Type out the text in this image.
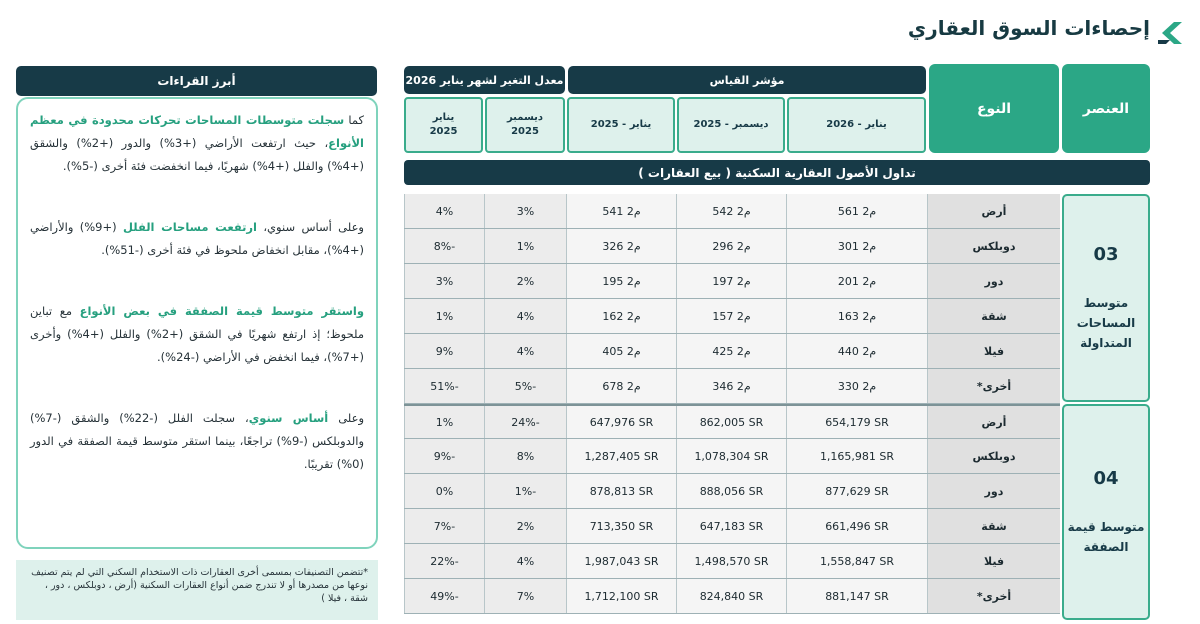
إحصاءات السوق العقاري
العنصر
النوع
مؤشر القياس
معدل التغير لشهر يناير 2026
يناير - 2026
ديسمبر - 2025
يناير - 2025
ديسمبر 2025
يناير 2025
تداول الأصول العقارية السكنية ( بيع العقارات )
03
متوسط المساحات المتداولة
04
متوسط قيمة الصفقة
4%	3%	541 م2	542 م2	561 م2	أرض
-8%	1%	326 م2	296 م2	301 م2	دوبلكس
3%	2%	195 م2	197 م2	201 م2	دور
1%	4%	162 م2	157 م2	163 م2	شقة
9%	4%	405 م2	425 م2	440 م2	فيلا
-51%	-5%	678 م2	346 م2	330 م2	أخرى*
1%	-24%	647,976 SR	862,005 SR	654,179 SR	أرض
-9%	8%	1,287,405 SR	1,078,304 SR	1,165,981 SR	دوبلكس
0%	-1%	878,813 SR	888,056 SR	877,629 SR	دور
-7%	2%	713,350 SR	647,183 SR	661,496 SR	شقة
-22%	4%	1,987,043 SR	1,498,570 SR	1,558,847 SR	فيلا
-49%	7%	1,712,100 SR	824,840 SR	881,147 SR	أخرى*
أبرز القراءات

كما سجلت متوسطات المساحات تحركات محدودة في معظم الأنواع، حيث ارتفعت الأراضي (+3%) والدور (+2%) والشقق (+4%) والفلل (+4%) شهريًا، فيما انخفضت فئة أخرى (-5%).

وعلى أساس سنوي، ارتفعت مساحات الفلل (+9%) والأراضي (+4%)، مقابل انخفاض ملحوظ في فئة أخرى (-51%).

واستقر متوسط قيمة الصفقة في بعض الأنواع مع تباين ملحوظ؛ إذ ارتفع شهريًا في الشقق (+2%) والفلل (+4%) وأخرى (+7%)، فيما انخفض في الأراضي (-24%).

وعلى أساس سنوي، سجلت الفلل (-22%) والشقق (-7%) والدوبلكس (-9%) تراجعًا، بينما استقر متوسط قيمة الصفقة في الدور (0%) تقريبًا.

*تتضمن التصنيفات بمسمى أخرى العقارات ذات الاستخدام السكني التي لم يتم تصنيف نوعها من مصدرها أو لا تندرج ضمن أنواع العقارات السكنية (أرض ، دوبلكس ، دور ، شقة ، فيلا )
